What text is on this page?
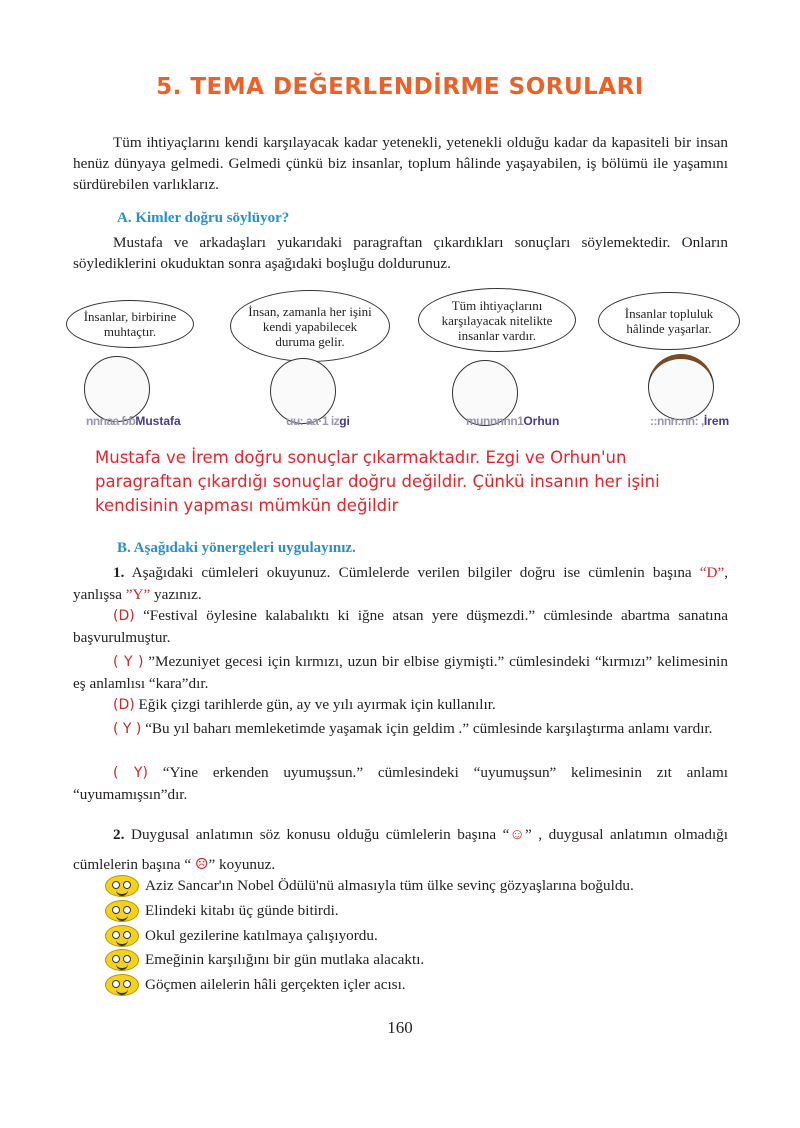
5. TEMA DEĞERLENDİRME SORULARI
Tüm ihtiyaçlarını kendi karşılayacak kadar yetenekli, yetenekli olduğu kadar da kapasiteli bir insan henüz dünyaya gelmedi. Gelmedi çünkü biz insanlar, toplum hâlinde yaşayabilen, iş bölümü ile yaşamını sürdürebilen varlıklarız.
A. Kimler doğru söylüyor?
Mustafa ve arkadaşları yukarıdaki paragraftan çıkardıkları sonuçları söylemektedir. Onların söylediklerini okuduktan sonra aşağıdaki boşluğu doldurunuz.
İnsanlar, birbirine muhtaçtır.
İnsan, zamanla her işini kendi yapabilecek duruma gelir.
Tüm ihtiyaçlarını karşılayacak nitelikte insanlar vardır.
İnsanlar topluluk hâlinde yaşarlar.
nnnaa ɓɓMustafa	uu: aa·1 izgi	munnnnn1Orhun	::nnn:nn: ,İrem
Mustafa ve İrem doğru sonuçlar çıkarmaktadır. Ezgi ve Orhun'un paragraftan çıkardığı sonuçlar doğru değildir. Çünkü insanın her işini kendisinin yapması mümkün değildir
B. Aşağıdaki yönergeleri uygulayınız.
1. Aşağıdaki cümleleri okuyunuz. Cümlelerde verilen bilgiler doğru ise cümlenin başına “D”, yanlışsa ”Y” yazınız.
(D) “Festival öylesine kalabalıktı ki iğne atsan yere düşmezdi.” cümlesinde abartma sanatına başvurulmuştur.
( Y ) ”Mezuniyet gecesi için kırmızı, uzun bir elbise giymişti.” cümlesindeki “kırmızı” kelimesinin eş anlamlısı “kara”dır.
(D) Eğik çizgi tarihlerde gün, ay ve yılı ayırmak için kullanılır.
( Y ) “Bu yıl baharı memleketimde yaşamak için geldim .” cümlesinde karşılaştırma anlamı vardır.
( Y) “Yine erkenden uyumuşsun.” cümlesindeki “uyumuşsun” kelimesinin zıt anlamı “uyumamışsın”dır.
2. Duygusal anlatımın söz konusu olduğu cümlelerin başına “☺” , duygusal anlatımın olmadığı cümlelerin başına “ ☹” koyunuz.
Aziz Sancar'ın Nobel Ödülü'nü almasıyla tüm ülke sevinç gözyaşlarına boğuldu.
Elindeki kitabı üç günde bitirdi.
Okul gezilerine katılmaya çalışıyordu.
Emeğinin karşılığını bir gün mutlaka alacaktı.
Göçmen ailelerin hâli gerçekten içler acısı.
160
